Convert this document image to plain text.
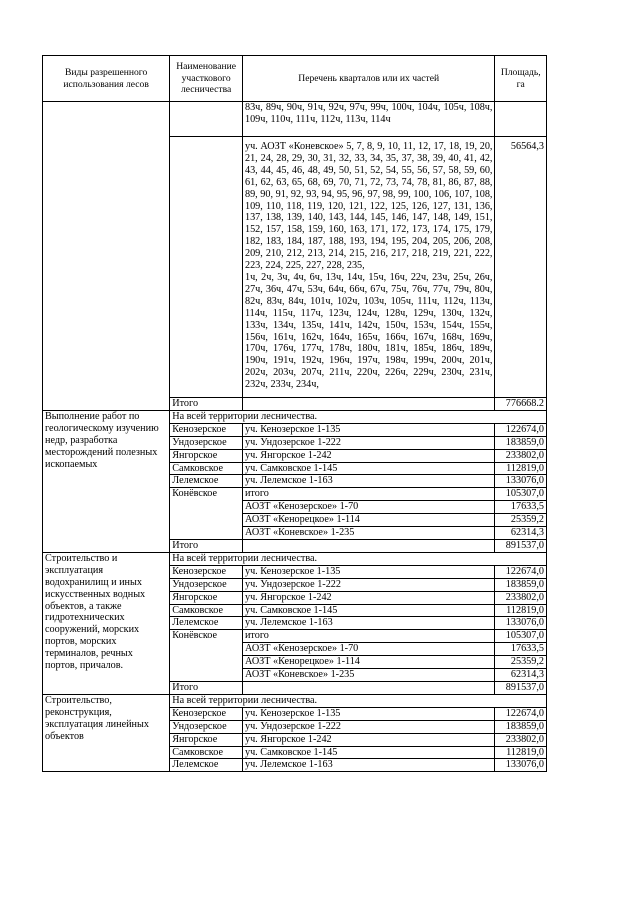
Виды разрешенного использования лесов	Наименование участкового лесничества	Перечень кварталов или их частей	Площадь, га
		83ч, 89ч, 90ч, 91ч, 92ч, 97ч, 99ч, 100ч, 104ч, 105ч, 108ч, 109ч, 110ч, 111ч, 112ч, 113ч, 114ч	

		уч. АОЗТ «Коневское» 5, 7, 8, 9, 10, 11, 12, 17, 18, 19, 20, 21, 24, 28, 29, 30, 31, 32, 33, 34, 35, 37, 38, 39, 40, 41, 42, 43, 44, 45, 46, 48, 49, 50, 51, 52, 54, 55, 56, 57, 58, 59, 60, 61, 62, 63, 65, 68, 69, 70, 71, 72, 73, 74, 78, 81, 86, 87, 88, 89, 90, 91, 92, 93, 94, 95, 96, 97, 98, 99, 100, 106, 107, 108, 109, 110, 118, 119, 120, 121, 122, 125, 126, 127, 131, 136, 137, 138, 139, 140, 143, 144, 145, 146, 147, 148, 149, 151, 152, 157, 158, 159, 160, 163, 171, 172, 173, 174, 175, 179, 182, 183, 184, 187, 188, 193, 194, 195, 204, 205, 206, 208, 209, 210, 212, 213, 214, 215, 216, 217, 218, 219, 221, 222, 223, 224, 225, 227, 228, 235,
1ч, 2ч, 3ч, 4ч, 6ч, 13ч, 14ч, 15ч, 16ч, 22ч, 23ч, 25ч, 26ч, 27ч, 36ч, 47ч, 53ч, 64ч, 66ч, 67ч, 75ч, 76ч, 77ч, 79ч, 80ч, 82ч, 83ч, 84ч, 101ч, 102ч, 103ч, 105ч, 111ч, 112ч, 113ч, 114ч, 115ч, 117ч, 123ч, 124ч, 128ч, 129ч, 130ч, 132ч, 133ч, 134ч, 135ч, 141ч, 142ч, 150ч, 153ч, 154ч, 155ч, 156ч, 161ч, 162ч, 164ч, 165ч, 166ч, 167ч, 168ч, 169ч, 170ч, 176ч, 177ч, 178ч, 180ч, 181ч, 185ч, 186ч, 189ч, 190ч, 191ч, 192ч, 196ч, 197ч, 198ч, 199ч, 200ч, 201ч, 202ч, 203ч, 207ч, 211ч, 220ч, 226ч, 229ч, 230ч, 231ч, 232ч, 233ч, 234ч,	56564,3
	Итого		776668.2
Выполнение работ по геологическому изучению недр, разработка месторождений полезных ископаемых	На всей территории лесничества.		
	Кенозерское	уч. Кенозерское 1-135	122674,0
	Ундозерское	уч. Ундозерское 1-222	183859,0
	Янгорское	уч. Янгорское 1-242	233802,0
	Самковское	уч. Самковское 1-145	112819,0
	Лелемское	уч. Лелемское 1-163	133076,0
	Конёвское	итого	105307,0
		АОЗТ «Кенозерское» 1-70	17633,5
		АОЗТ «Кенорецкое» 1-114	25359,2
		АОЗТ «Коневское» 1-235	62314,3
	Итого		891537,0
Строительство и эксплуатация водохранилищ и иных искусственных водных объектов, а также гидротехнических сооружений, морских портов, морских терминалов, речных портов, причалов.	На всей территории лесничества.		
	Кенозерское	уч. Кенозерское 1-135	122674,0
	Ундозерское	уч. Ундозерское 1-222	183859,0
	Янгорское	уч. Янгорское 1-242	233802,0
	Самковское	уч. Самковское 1-145	112819,0
	Лелемское	уч. Лелемское 1-163	133076,0
	Конёвское	итого	105307,0
		АОЗТ «Кенозерское» 1-70	17633,5
		АОЗТ «Кенорецкое» 1-114	25359,2
		АОЗТ «Коневское» 1-235	62314,3
	Итого		891537,0
Строительство, реконструкция, эксплуатация линейных объектов	На всей территории лесничества.		
	Кенозерское	уч. Кенозерское 1-135	122674,0
	Ундозерское	уч. Ундозерское 1-222	183859,0
	Янгорское	уч. Янгорское 1-242	233802,0
	Самковское	уч. Самковское 1-145	112819,0
	Лелемское	уч. Лелемское 1-163	133076,0
